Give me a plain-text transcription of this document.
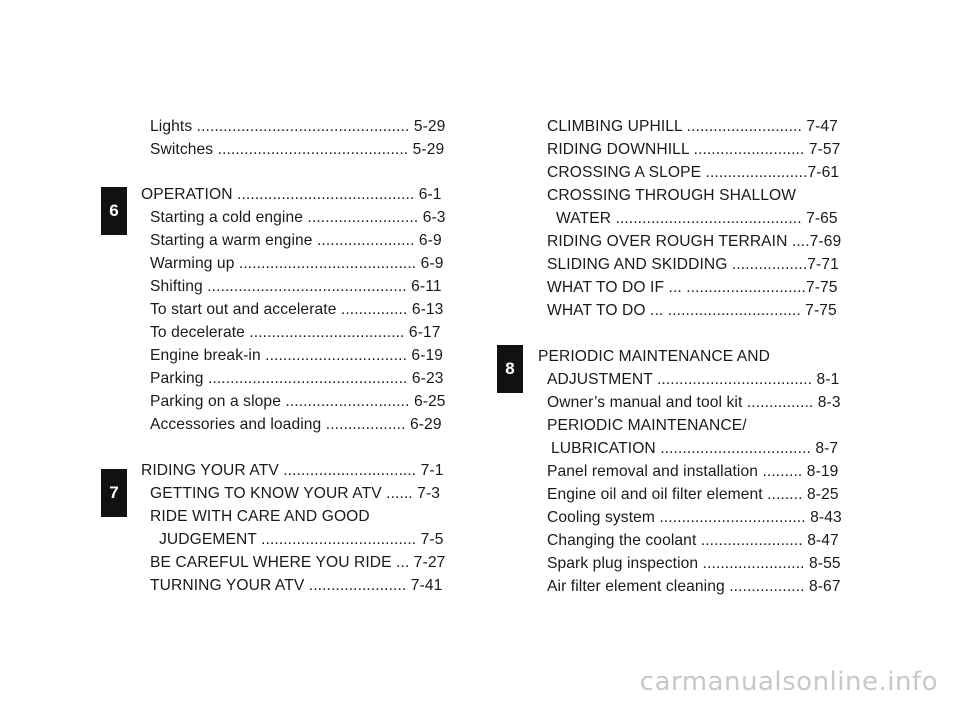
6
7
8
Lights ................................................ 5-29
Switches ........................................... 5-29
OPERATION ........................................ 6-1
Starting a cold engine ......................... 6-3
Starting a warm engine ...................... 6-9
Warming up ........................................ 6-9
Shifting ............................................. 6-11
To start out and accelerate ............... 6-13
To decelerate ................................... 6-17
Engine break-in ................................ 6-19
Parking ............................................. 6-23
Parking on a slope ............................ 6-25
Accessories and loading .................. 6-29
RIDING YOUR ATV .............................. 7-1
GETTING TO KNOW YOUR ATV ...... 7-3
RIDE WITH CARE AND GOOD
JUDGEMENT ................................... 7-5
BE CAREFUL WHERE YOU RIDE ... 7-27
TURNING YOUR ATV ...................... 7-41
CLIMBING UPHILL .......................... 7-47
RIDING DOWNHILL ......................... 7-57
CROSSING A SLOPE .......................7-61
CROSSING THROUGH SHALLOW
WATER .......................................... 7-65
RIDING OVER ROUGH TERRAIN ....7-69
SLIDING AND SKIDDING .................7-71
WHAT TO DO IF ... ...........................7-75
WHAT TO DO ... .............................. 7-75
PERIODIC MAINTENANCE AND
ADJUSTMENT ................................... 8-1
Owner’s manual and tool kit ............... 8-3
PERIODIC MAINTENANCE/
LUBRICATION .................................. 8-7
Panel removal and installation ......... 8-19
Engine oil and oil filter element ........ 8-25
Cooling system ................................. 8-43
Changing the coolant ....................... 8-47
Spark plug inspection ....................... 8-55
Air filter element cleaning ................. 8-67
carmanualsonline.info
